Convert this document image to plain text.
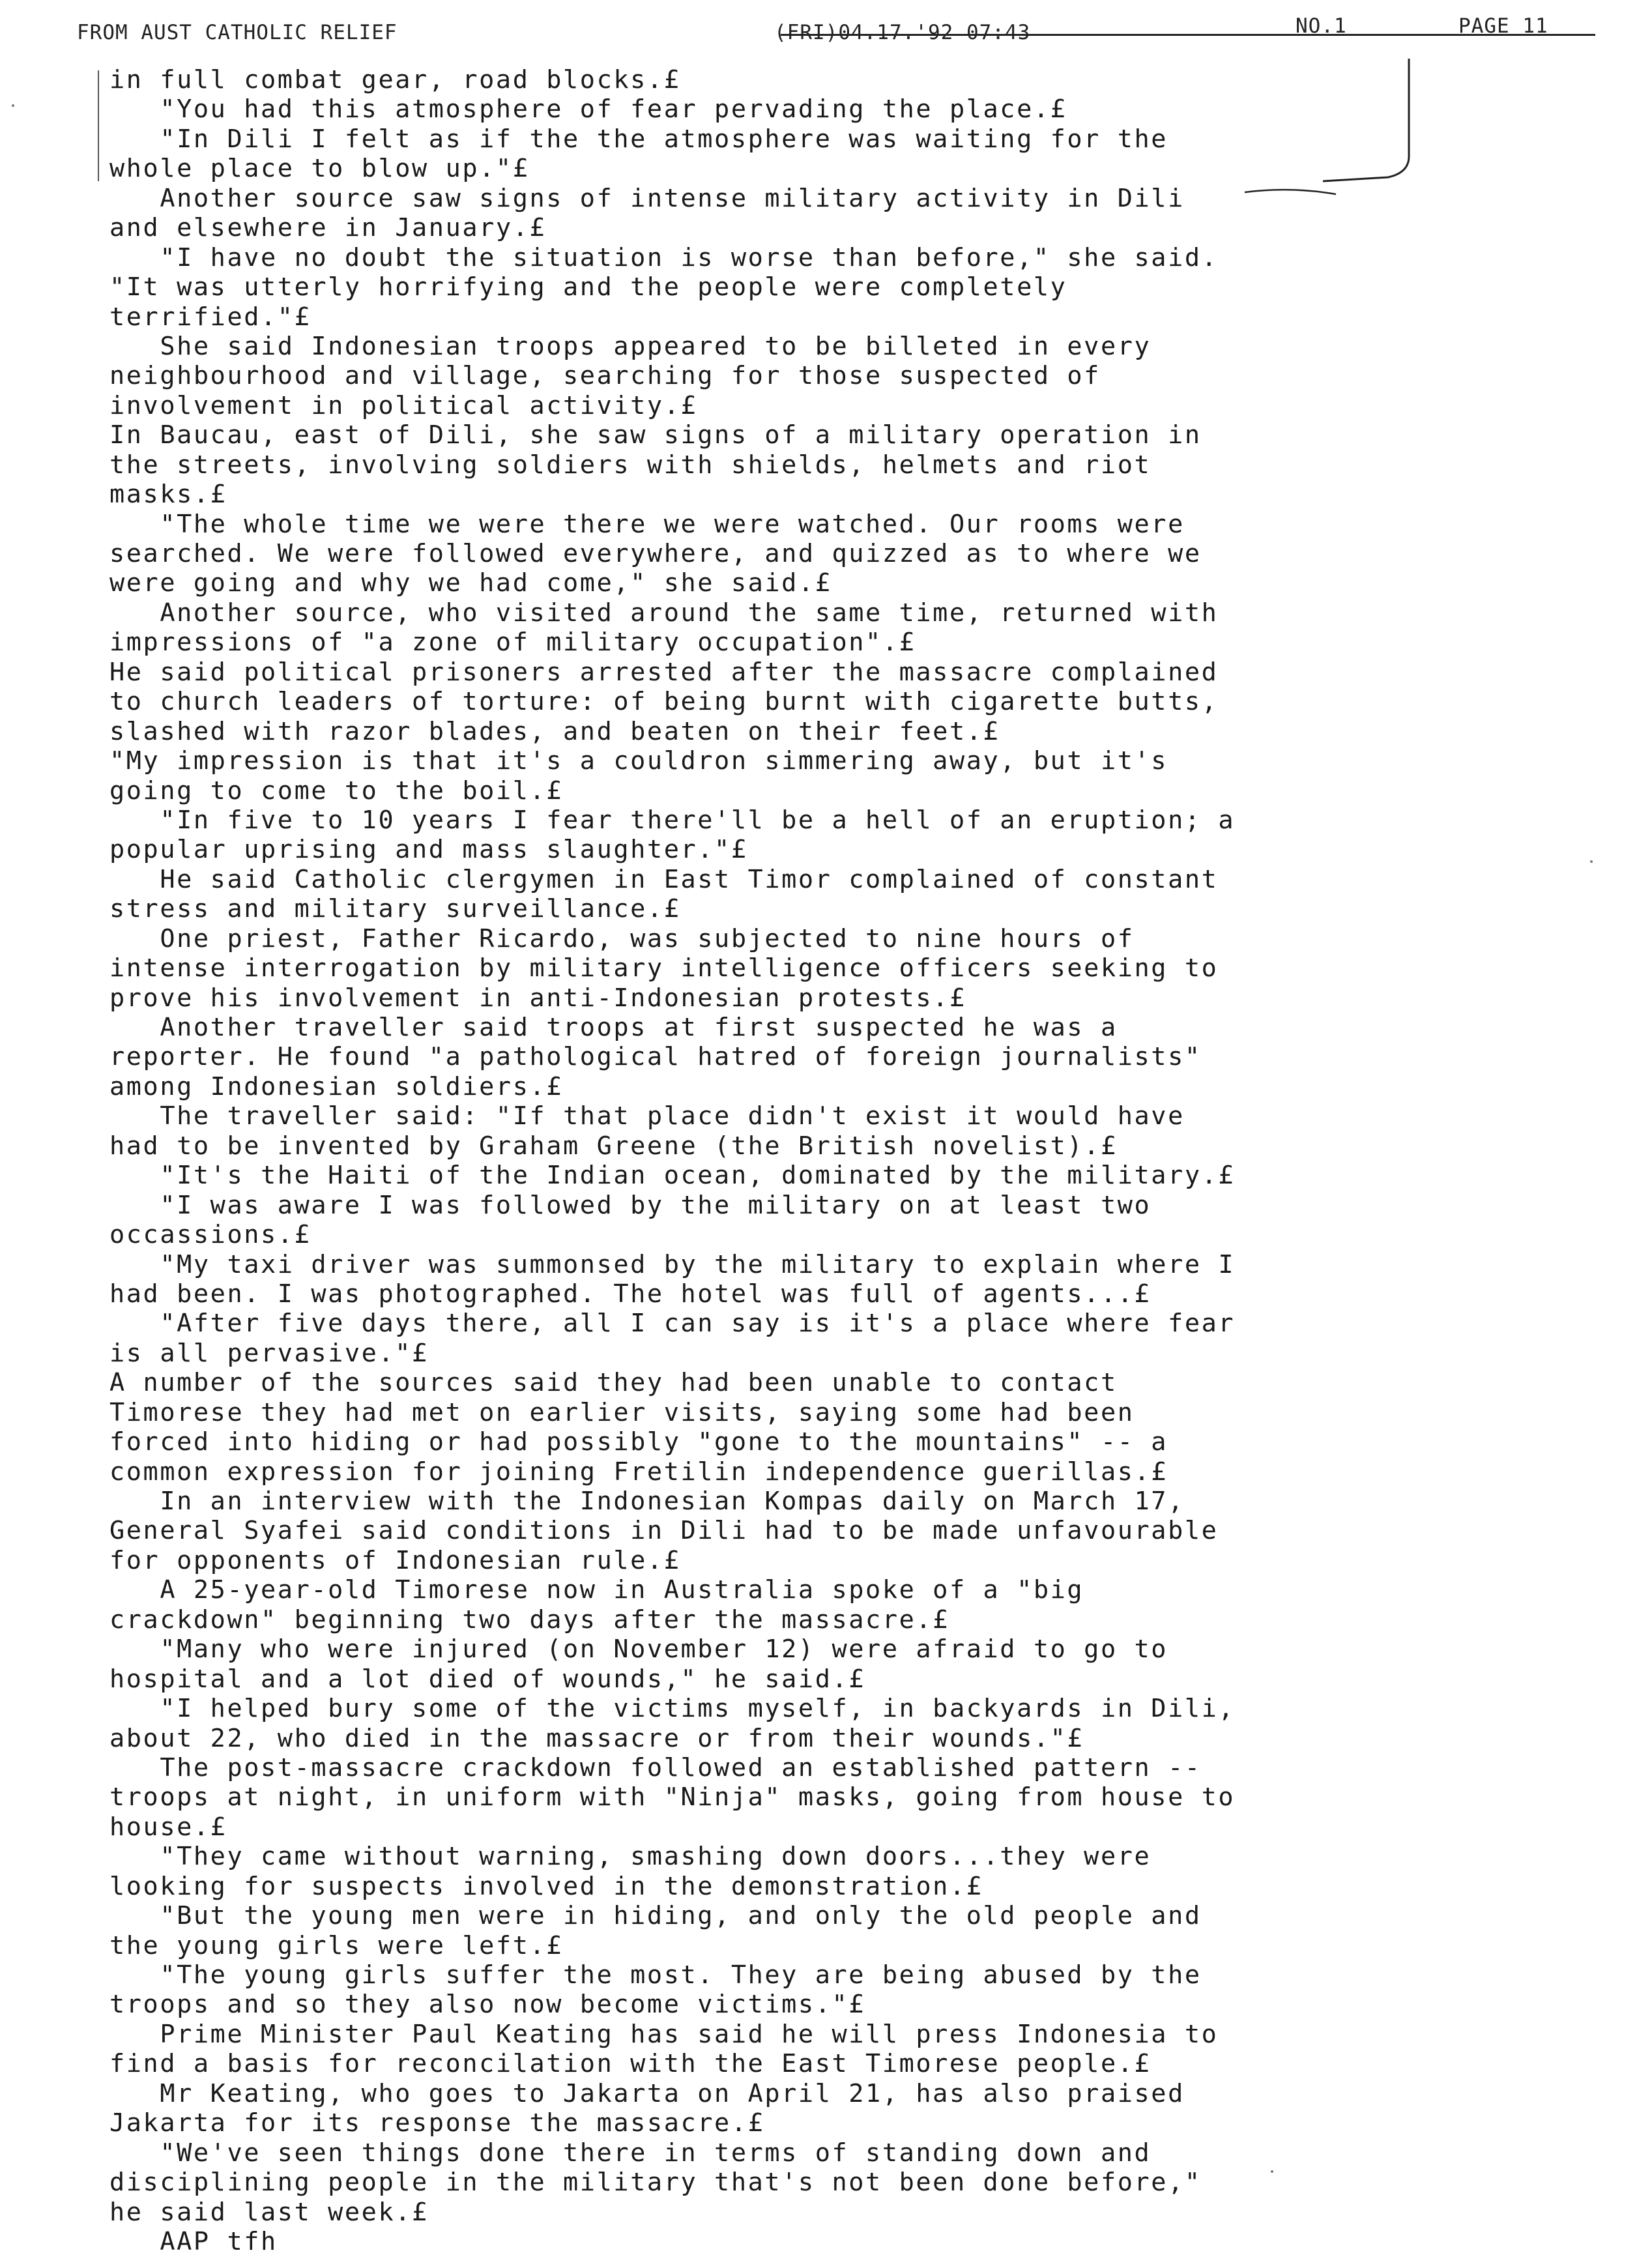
FROM AUST CATHOLIC RELIEF	(FRI)04.17.'92 07:43	NO.1	PAGE 11
in full combat gear, road blocks.£
"You had this atmosphere of fear pervading the place.£
"In Dili I felt as if the the atmosphere was waiting for the
whole place to blow up."£
Another source saw signs of intense military activity in Dili
and elsewhere in January.£
"I have no doubt the situation is worse than before," she said.
"It was utterly horrifying and the people were completely
terrified."£
She said Indonesian troops appeared to be billeted in every
neighbourhood and village, searching for those suspected of
involvement in political activity.£
In Baucau, east of Dili, she saw signs of a military operation in
the streets, involving soldiers with shields, helmets and riot
masks.£
"The whole time we were there we were watched. Our rooms were
searched. We were followed everywhere, and quizzed as to where we
were going and why we had come," she said.£
Another source, who visited around the same time, returned with
impressions of "a zone of military occupation".£
He said political prisoners arrested after the massacre complained
to church leaders of torture: of being burnt with cigarette butts,
slashed with razor blades, and beaten on their feet.£
"My impression is that it's a couldron simmering away, but it's
going to come to the boil.£
"In five to 10 years I fear there'll be a hell of an eruption; a
popular uprising and mass slaughter."£
He said Catholic clergymen in East Timor complained of constant
stress and military surveillance.£
One priest, Father Ricardo, was subjected to nine hours of
intense interrogation by military intelligence officers seeking to
prove his involvement in anti-Indonesian protests.£
Another traveller said troops at first suspected he was a
reporter. He found "a pathological hatred of foreign journalists"
among Indonesian soldiers.£
The traveller said: "If that place didn't exist it would have
had to be invented by Graham Greene (the British novelist).£
"It's the Haiti of the Indian ocean, dominated by the military.£
"I was aware I was followed by the military on at least two
occassions.£
"My taxi driver was summonsed by the military to explain where I
had been. I was photographed. The hotel was full of agents...£
"After five days there, all I can say is it's a place where fear
is all pervasive."£
A number of the sources said they had been unable to contact
Timorese they had met on earlier visits, saying some had been
forced into hiding or had possibly "gone to the mountains" -- a
common expression for joining Fretilin independence guerillas.£
In an interview with the Indonesian Kompas daily on March 17,
General Syafei said conditions in Dili had to be made unfavourable
for opponents of Indonesian rule.£
A 25-year-old Timorese now in Australia spoke of a "big
crackdown" beginning two days after the massacre.£
"Many who were injured (on November 12) were afraid to go to
hospital and a lot died of wounds," he said.£
"I helped bury some of the victims myself, in backyards in Dili,
about 22, who died in the massacre or from their wounds."£
The post-massacre crackdown followed an established pattern --
troops at night, in uniform with "Ninja" masks, going from house to
house.£
"They came without warning, smashing down doors...they were
looking for suspects involved in the demonstration.£
"But the young men were in hiding, and only the old people and
the young girls were left.£
"The young girls suffer the most. They are being abused by the
troops and so they also now become victims."£
Prime Minister Paul Keating has said he will press Indonesia to
find a basis for reconcilation with the East Timorese people.£
Mr Keating, who goes to Jakarta on April 21, has also praised
Jakarta for its response the massacre.£
"We've seen things done there in terms of standing down and
disciplining people in the military that's not been done before,"
he said last week.£
AAP tfh
